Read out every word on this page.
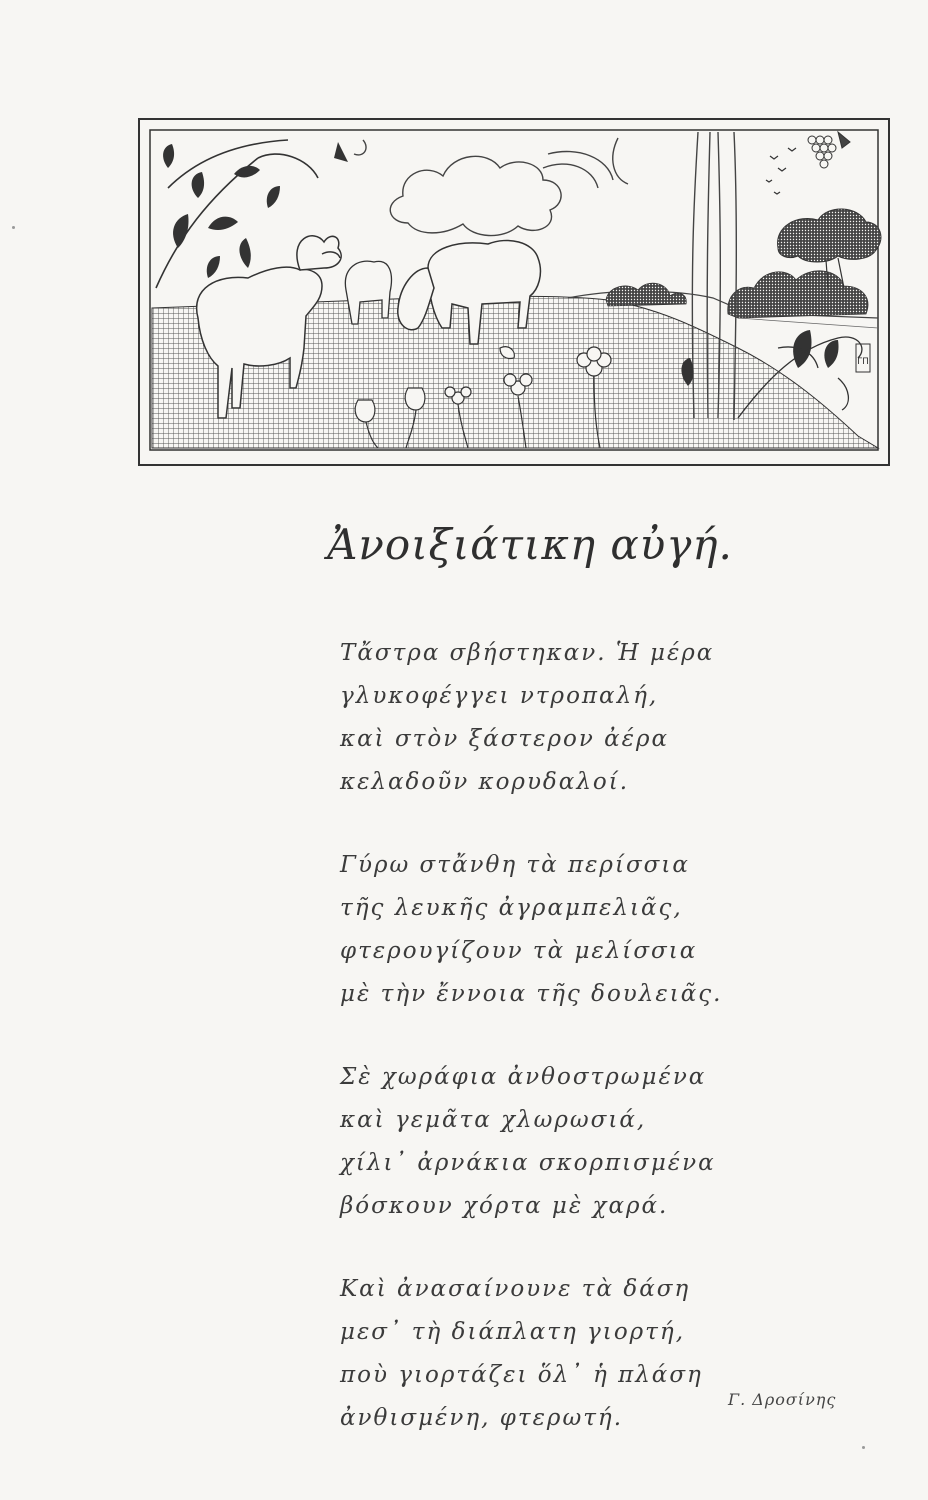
ΓΠ
Ἀνοιξιάτικη αὐγή.
Τἄστρα σβήστηκαν. Ἡ μέρα
γλυκοφέγγει ντροπαλή,
καὶ στὸν ξάστερον ἀέρα
κελαδοῦν κορυδαλοί.
Γύρω στἄνθη τὰ περίσσια
τῆς λευκῆς ἀγραμπελιᾶς,
φτερουγίζουν τὰ μελίσσια
μὲ τὴν ἔννοια τῆς δουλειᾶς.
Σὲ χωράφια ἀνθοστρωμένα
καὶ γεμᾶτα χλωρωσιά,
χίλι᾽ ἀρνάκια σκορπισμένα
βόσκουν χόρτα μὲ χαρά.
Καὶ ἀνασαίνουνε τὰ δάση
μεσ᾽ τὴ διάπλατη γιορτή,
ποὺ γιορτάζει ὅλ᾽ ἡ πλάση
ἀνθισμένη, φτερωτή.
Γ. Δροσίνης
